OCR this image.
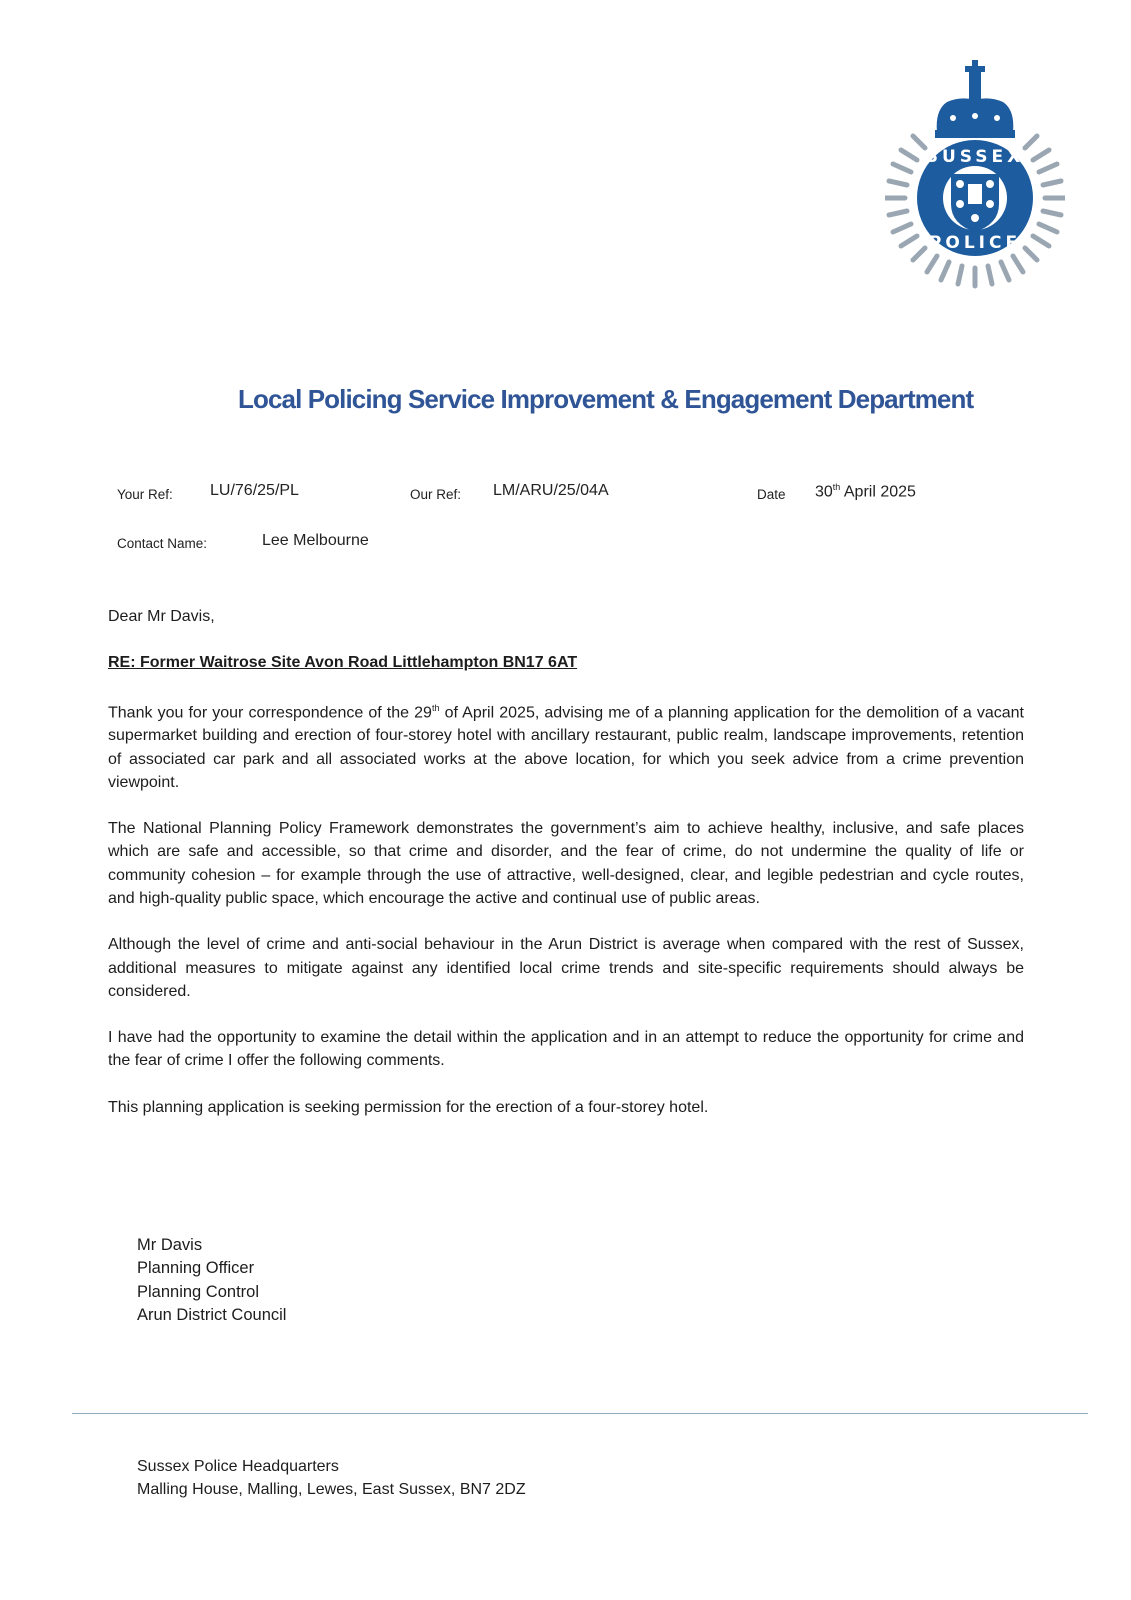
SUSSEX
POLICE
Local Policing Service Improvement & Engagement Department
Your Ref: LU/76/25/PL	Our Ref: LM/ARU/25/04A	Date 30th April 2025
Contact Name:	Lee Melbourne

Dear Mr Davis,

RE: Former Waitrose Site Avon Road Littlehampton BN17 6AT

Thank you for your correspondence of the 29th of April 2025, advising me of a planning application for the demolition of a vacant supermarket building and erection of four-storey hotel with ancillary restaurant, public realm, landscape improvements, retention of associated car park and all associated works at the above location, for which you seek advice from a crime prevention viewpoint.

The National Planning Policy Framework demonstrates the government’s aim to achieve healthy, inclusive, and safe places which are safe and accessible, so that crime and disorder, and the fear of crime, do not undermine the quality of life or community cohesion – for example through the use of attractive, well-designed, clear, and legible pedestrian and cycle routes, and high-quality public space, which encourage the active and continual use of public areas.

Although the level of crime and anti-social behaviour in the Arun District is average when compared with the rest of Sussex, additional measures to mitigate against any identified local crime trends and site-specific requirements should always be considered.

I have had the opportunity to examine the detail within the application and in an attempt to reduce the opportunity for crime and the fear of crime I offer the following comments.

This planning application is seeking permission for the erection of a four-storey hotel.

Mr Davis
Planning Officer
Planning Control
Arun District Council
Sussex Police Headquarters
Malling House, Malling, Lewes, East Sussex, BN7 2DZ
